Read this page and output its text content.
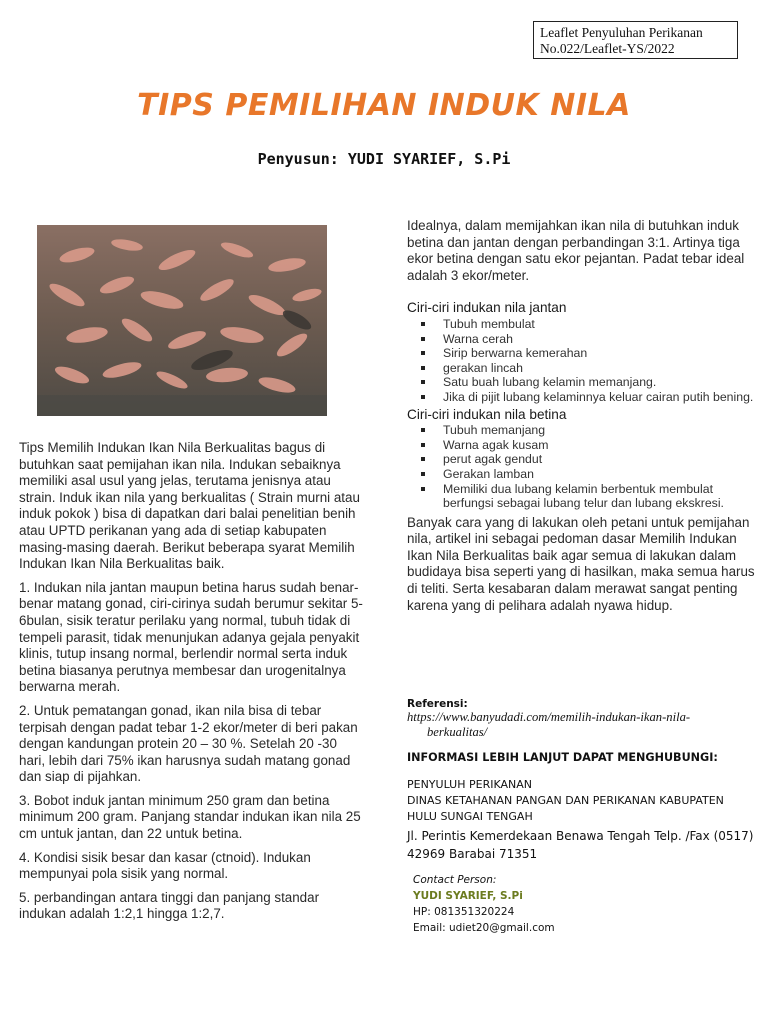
Leaflet Penyuluhan Perikanan
No.022/Leaflet-YS/2022
TIPS PEMILIHAN INDUK NILA
Penyusun: YUDI SYARIEF, S.Pi

Tips Memilih Indukan Ikan Nila Berkualitas bagus di butuhkan saat pemijahan ikan nila. Indukan sebaiknya memiliki asal usul yang jelas, terutama jenisnya atau strain. Induk ikan nila yang berkualitas ( Strain murni atau induk pokok ) bisa di dapatkan dari balai penelitian benih atau UPTD perikanan yang ada di setiap kabupaten masing-masing daerah. Berikut beberapa syarat Memilih Indukan Ikan Nila Berkualitas baik.

1. Indukan nila jantan maupun betina harus sudah benar-benar matang gonad, ciri-cirinya sudah berumur sekitar 5-6bulan, sisik teratur perilaku yang normal, tubuh tidak di tempeli parasit, tidak menunjukan adanya gejala penyakit klinis, tutup insang normal, berlendir normal serta induk betina biasanya perutnya membesar dan urogenitalnya berwarna merah.

2. Untuk pematangan gonad, ikan nila bisa di tebar terpisah dengan padat tebar 1-2 ekor/meter di beri pakan dengan kandungan protein 20 – 30 %. Setelah 20 -30 hari, lebih dari 75% ikan harusnya sudah matang gonad dan siap di pijahkan.

3. Bobot induk jantan minimum 250 gram dan betina minimum 200 gram. Panjang standar indukan ikan nila 25 cm untuk jantan, dan 22 untuk betina.

4. Kondisi sisik besar dan kasar (ctnoid). Indukan mempunyai pola sisik yang normal.

5. perbandingan antara tinggi dan panjang standar indukan adalah 1:2,1 hingga 1:2,7.

Idealnya, dalam memijahkan ikan nila di butuhkan induk betina dan jantan dengan perbandingan 3:1. Artinya tiga ekor betina dengan satu ekor pejantan. Padat tebar ideal adalah 3 ekor/meter.

Ciri-ciri indukan nila jantan
Tubuh membulat
Warna cerah
Sirip berwarna kemerahan
gerakan lincah
Satu buah lubang kelamin memanjang.
Jika di pijit lubang kelaminnya keluar cairan putih bening.
Ciri-ciri indukan nila betina
Tubuh memanjang
Warna agak kusam
perut agak gendut
Gerakan lamban
Memiliki dua lubang kelamin berbentuk membulat berfungsi sebagai lubang telur dan lubang ekskresi.

Banyak cara yang di lakukan oleh petani untuk pemijahan nila, artikel ini sebagai pedoman dasar Memilih Indukan Ikan Nila Berkualitas baik agar semua di lakukan dalam budidaya bisa seperti yang di hasilkan, maka semua harus di teliti. Serta kesabaran dalam merawat sangat penting karena yang di pelihara adalah nyawa hidup.

Referensi:
https://www.banyudadi.com/memilih-indukan-ikan-nila-
berkualitas/
INFORMASI LEBIH LANJUT DAPAT MENGHUBUNGI:
PENYULUH PERIKANAN
DINAS KETAHANAN PANGAN DAN PERIKANAN KABUPATEN
HULU SUNGAI TENGAH
Jl. Perintis Kemerdekaan Benawa Tengah Telp. /Fax (0517)
42969 Barabai 71351
Contact Person:
YUDI SYARIEF, S.Pi
HP: 081351320224
Email: udiet20@gmail.com
